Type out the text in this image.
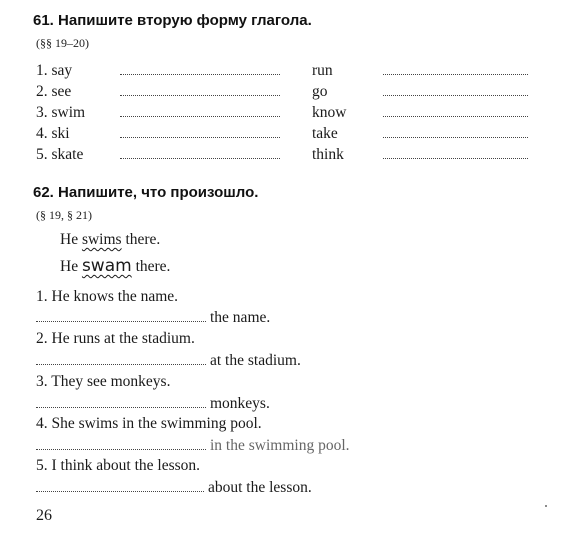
61. Напишите вторую форму глагола.
(§§ 19–20)
1. say	run
2. see	go
3. swim	know
4. ski	take
5. skate	think
62. Напишите, что произошло.
(§ 19, § 21)
He swims there.
He swam there.
1. He knows the name.
the name.
2. He runs at the stadium.
at the stadium.
3. They see monkeys.
monkeys.
4. She swims in the swimming pool.
in the swimming pool.
5. I think about the lesson.
about the lesson.
26
